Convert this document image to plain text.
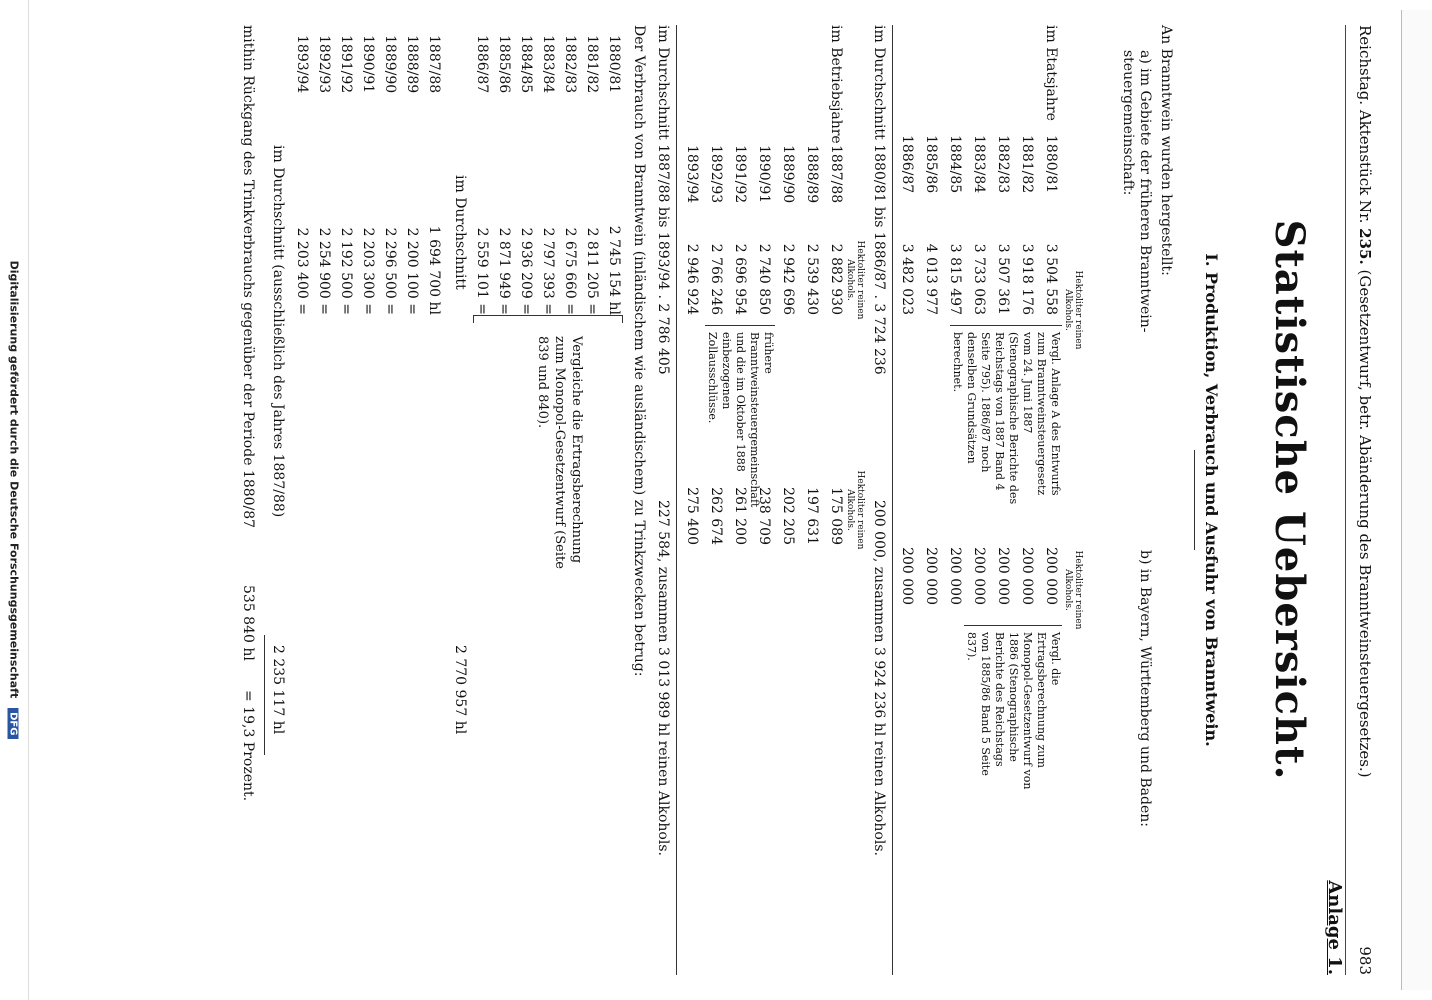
Digitalisierung gefördert durch die Deutsche Forschungsgemeinschaft DFG
Reichstag. Aktenstück Nr. 235. (Gesetzentwurf, betr. Abänderung des Branntweinsteuergesetzes.)
983
Anlage 1.
Statistische Uebersicht.
I. Produktion, Verbrauch und Ausfuhr von Branntwein.
An Branntwein wurden hergestellt:
a) im Gebiete der früheren Branntwein-steuergemeinschaft:
b) in Bayern, Württemberg und Baden:
Hektoliter reinen Alkohols.
Hektoliter reinen Alkohols.
im Etatsjahre
1880/81
3 504 558
200 000
1881/82
3 918 176
200 000
1882/83
3 507 361
200 000
1883/84
3 733 063
200 000
1884/85
3 815 497
200 000
1885/86
4 013 977
200 000
1886/87
3 482 023
200 000
Vergl. Anlage A des Entwurfs zum Branntweinsteuergesetz vom 24. Juni 1887 (Stenographische Berichte des Reichstags von 1887 Band 4 Seite 795). 1886/87 noch denselben Grundsätzen berechnet.
Vergl. die Ertragsberechnung zum Monopol-Gesetzentwurf von 1886 (Stenographische Berichte des Reichstags von 1885/86 Band 5 Seite 837).
im Durchschnitt 1880/81 bis 1886/87 . 3 724 236
200 000, zusammen 3 924 236 hl reinen Alkohols.
Hektoliter reinen Alkohols.
Hektoliter reinen Alkohols.
im Betriebsjahre
1887/88
2 882 930
175 089
1888/89
2 539 430
197 631
1889/90
2 942 696
202 205
1890/91
2 740 850
238 709
1891/92
2 696 954
261 200
1892/93
2 766 246
262 674
1893/94
2 946 924
275 400
frühere Branntweinsteuergemeinschaft und die im Oktober 1888 einbezogenen Zollausschlüsse.
im Durchschnitt 1887/88 bis 1893/94 . 2 786 405
227 584, zusammen 3 013 989 hl reinen Alkohols.
Der Verbrauch von Branntwein (inländischem wie ausländischem) zu Trinkzwecken betrug:
1880/81
2 745 154 hl
1881/82
2 811 205 =
1882/83
2 675 660 =
1883/84
2 797 393 =
1884/85
2 936 209 =
1885/86
2 871 949 =
1886/87
2 559 101 =
Vergleiche die Ertragsberechnung zum Monopol-Gesetzentwurf (Seite 839 und 840).
im Durchschnitt
2 770 957 hl
1887/88
1 694 700 hl
1888/89
2 200 100 =
1889/90
2 296 500 =
1890/91
2 203 300 =
1891/92
2 192 500 =
1892/93
2 254 900 =
1893/94
2 203 400 =
im Durchschnitt (ausschließlich des Jahres 1887/88)
2 235 117 hl
mithin Rückgang des Trinkverbrauchs gegenüber der Periode 1880/87
535 840 hl
= 19,3 Prozent.
